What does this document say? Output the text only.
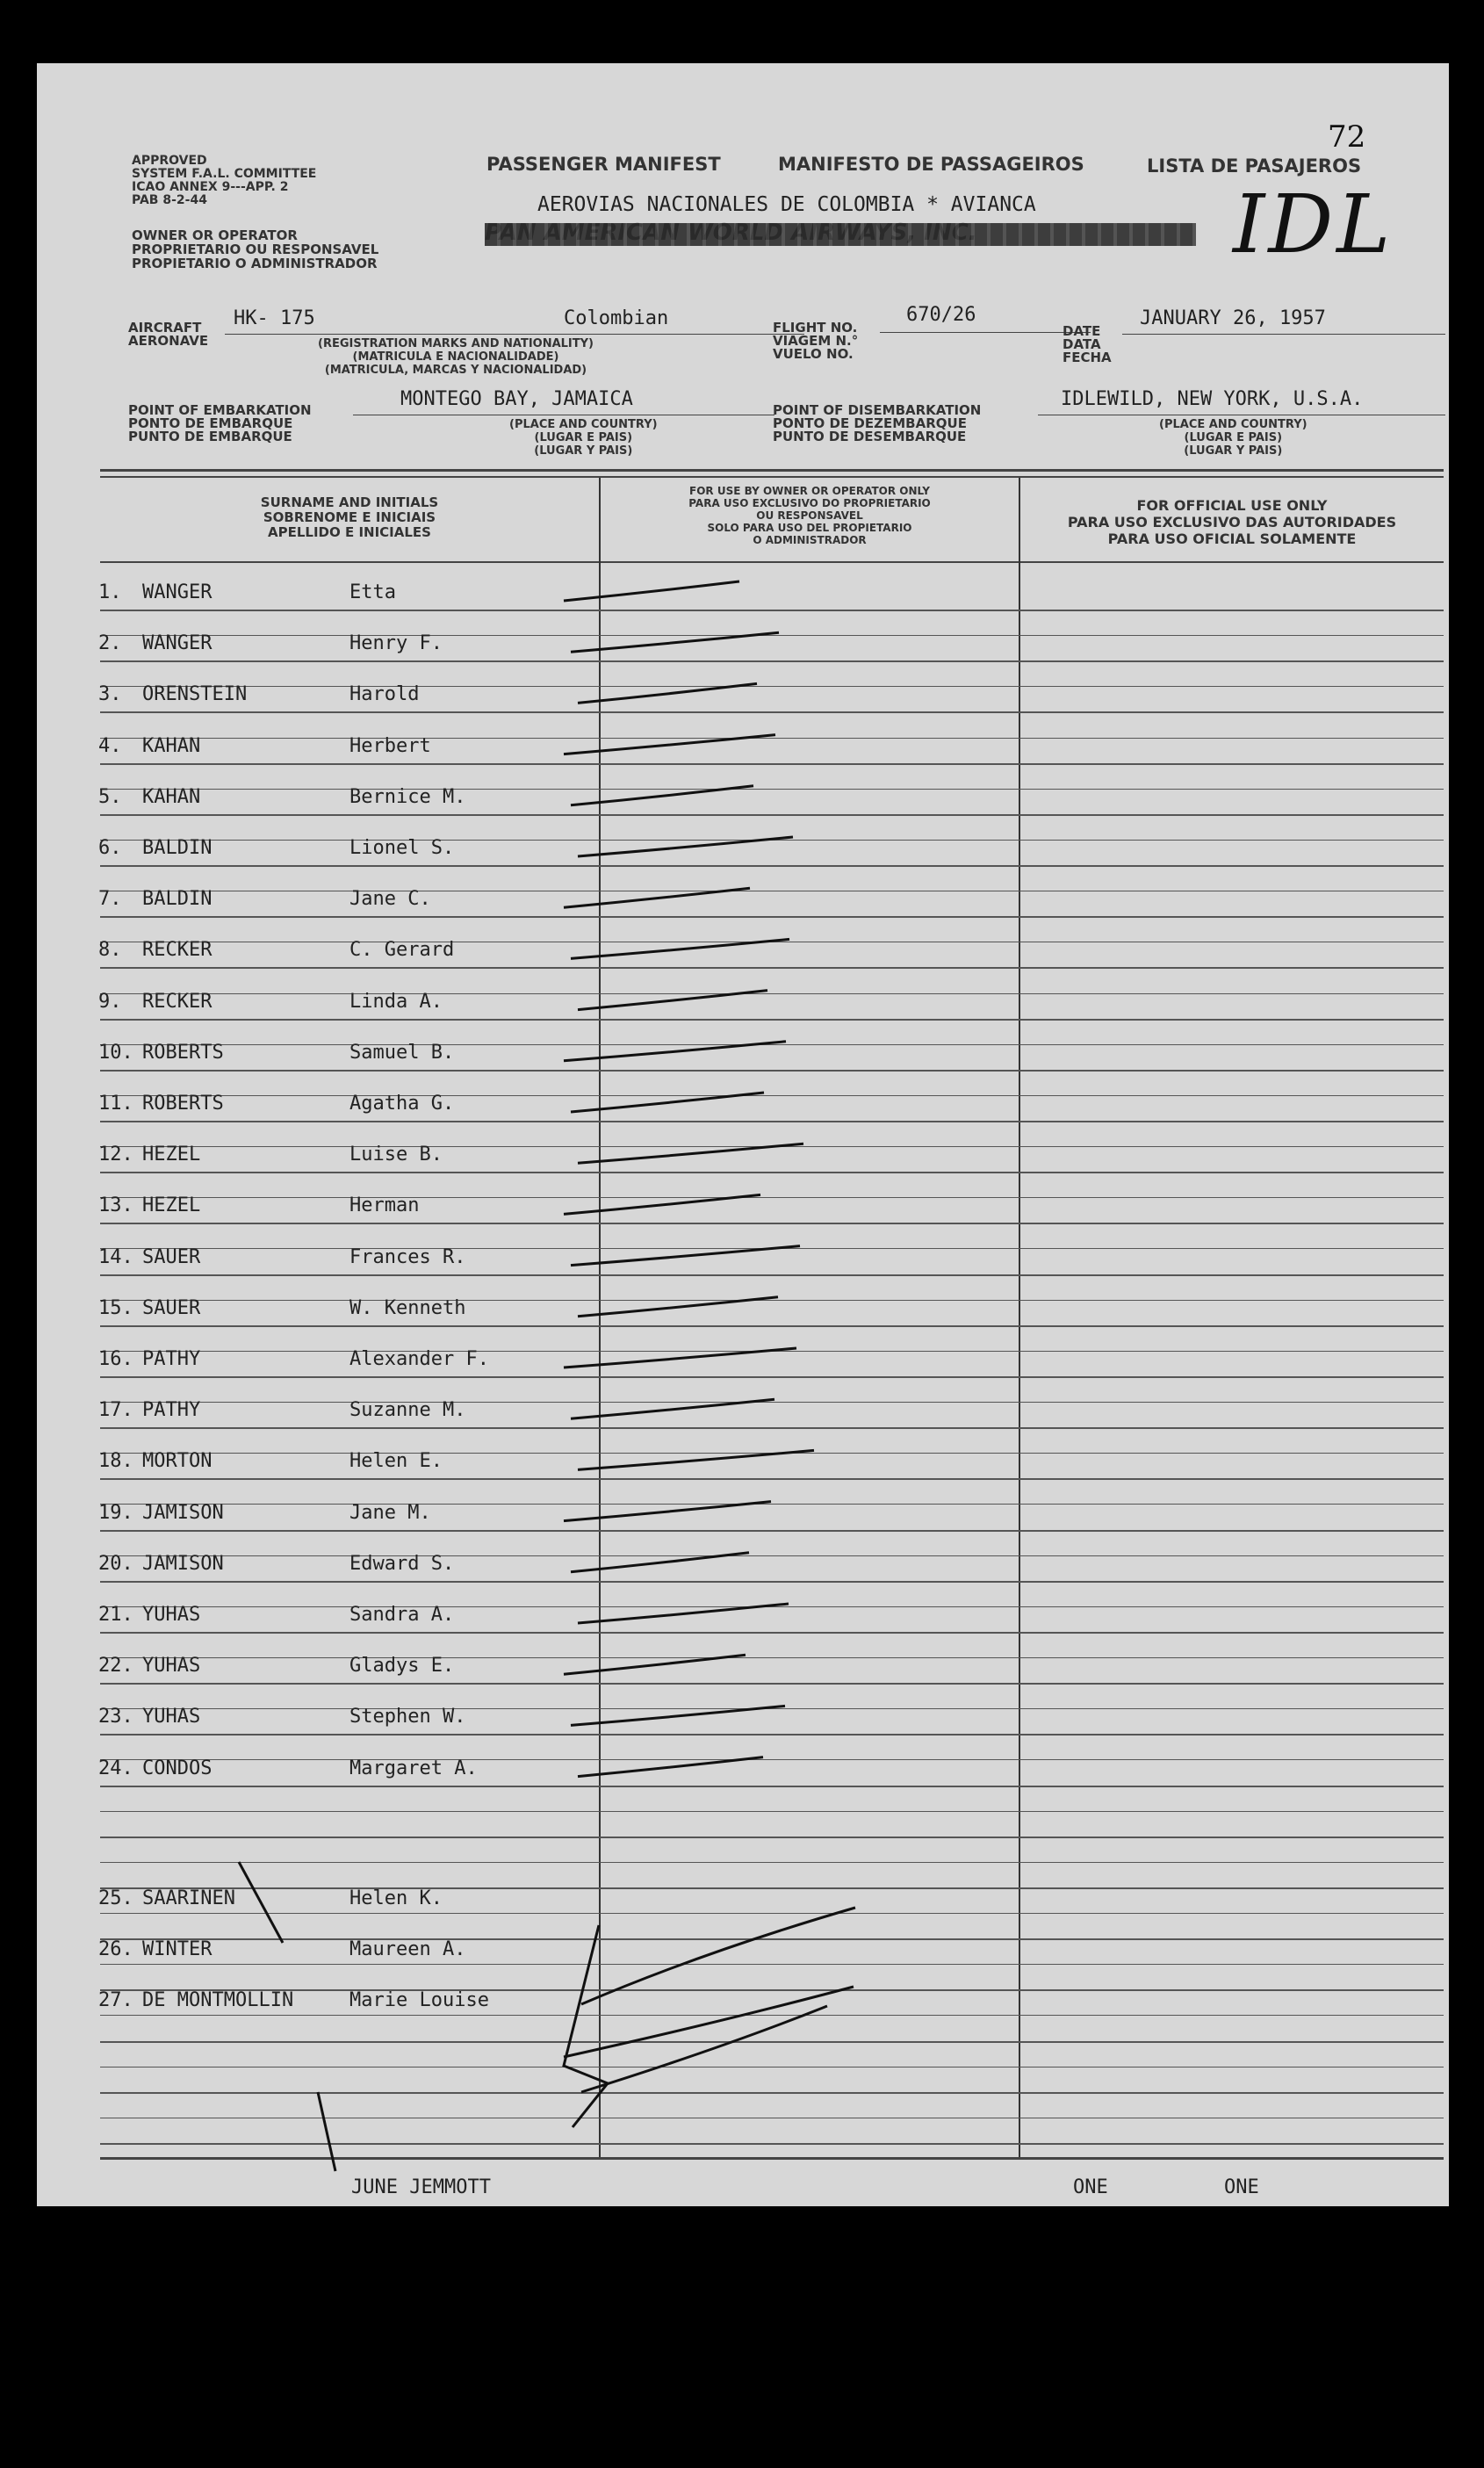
APPROVED
SYSTEM F.A.L. COMMITTEE
ICAO ANNEX 9---APP. 2
PAB 8-2-44
OWNER OR OPERATOR
PROPRIETARIO OU RESPONSAVEL
PROPIETARIO O ADMINISTRADOR
PASSENGER MANIFEST	MANIFESTO DE PASSAGEIROS	LISTA DE PASAJEROS
72
IDL
AEROVIAS NACIONALES DE COLOMBIA * AVIANCA
AIRCRAFT
AERONAVE
HK- 175	Colombian
(REGISTRATION MARKS AND NATIONALITY)
(MATRICULA E NACIONALIDADE)
(MATRICULA, MARCAS Y NACIONALIDAD)
FLIGHT NO.
VIAGEM N.°
VUELO NO.
670/26
DATE
DATA
FECHA
JANUARY 26, 1957
POINT OF EMBARKATION
PONTO DE EMBARQUE
PUNTO DE EMBARQUE
MONTEGO BAY, JAMAICA
(PLACE AND COUNTRY)
(LUGAR E PAIS)
(LUGAR Y PAIS)
POINT OF DISEMBARKATION
PONTO DE DEZEMBARQUE
PUNTO DE DESEMBARQUE
IDLEWILD, NEW YORK, U.S.A.
(PLACE AND COUNTRY)
(LUGAR E PAIS)
(LUGAR Y PAIS)
SURNAME AND INITIALS
SOBRENOME E INICIAIS
APELLIDO E INICIALES
FOR USE BY OWNER OR OPERATOR ONLY
PARA USO EXCLUSIVO DO PROPRIETARIO
OU RESPONSAVEL
SOLO PARA USO DEL PROPIETARIO
O ADMINISTRADOR
FOR OFFICIAL USE ONLY
PARA USO EXCLUSIVO DAS AUTORIDADES
PARA USO OFICIAL SOLAMENTE
1. WANGER	Etta
2. WANGER	Henry F.
3. ORENSTEIN	Harold
4. KAHAN	Herbert
5. KAHAN	Bernice M.
6. BALDIN	Lionel S.
7. BALDIN	Jane C.
8. RECKER	C. Gerard
9. RECKER	Linda A.
10. ROBERTS	Samuel B.
11. ROBERTS	Agatha G.
12. HEZEL	Luise B.
13. HEZEL	Herman
14. SAUER	Frances R.
15. SAUER	W. Kenneth
16. PATHY	Alexander F.
17. PATHY	Suzanne M.
18. MORTON	Helen E.
19. JAMISON	Jane M.
20. JAMISON	Edward S.
21. YUHAS	Sandra A.
22. YUHAS	Gladys E.
23. YUHAS	Stephen W.
24. CONDOS	Margaret A.
25. SAARINEN	Helen K.
26. WINTER	Maureen A.
27. DE MONTMOLLIN	Marie Louise
JUNE JEMMOTT	ONE	ONE
